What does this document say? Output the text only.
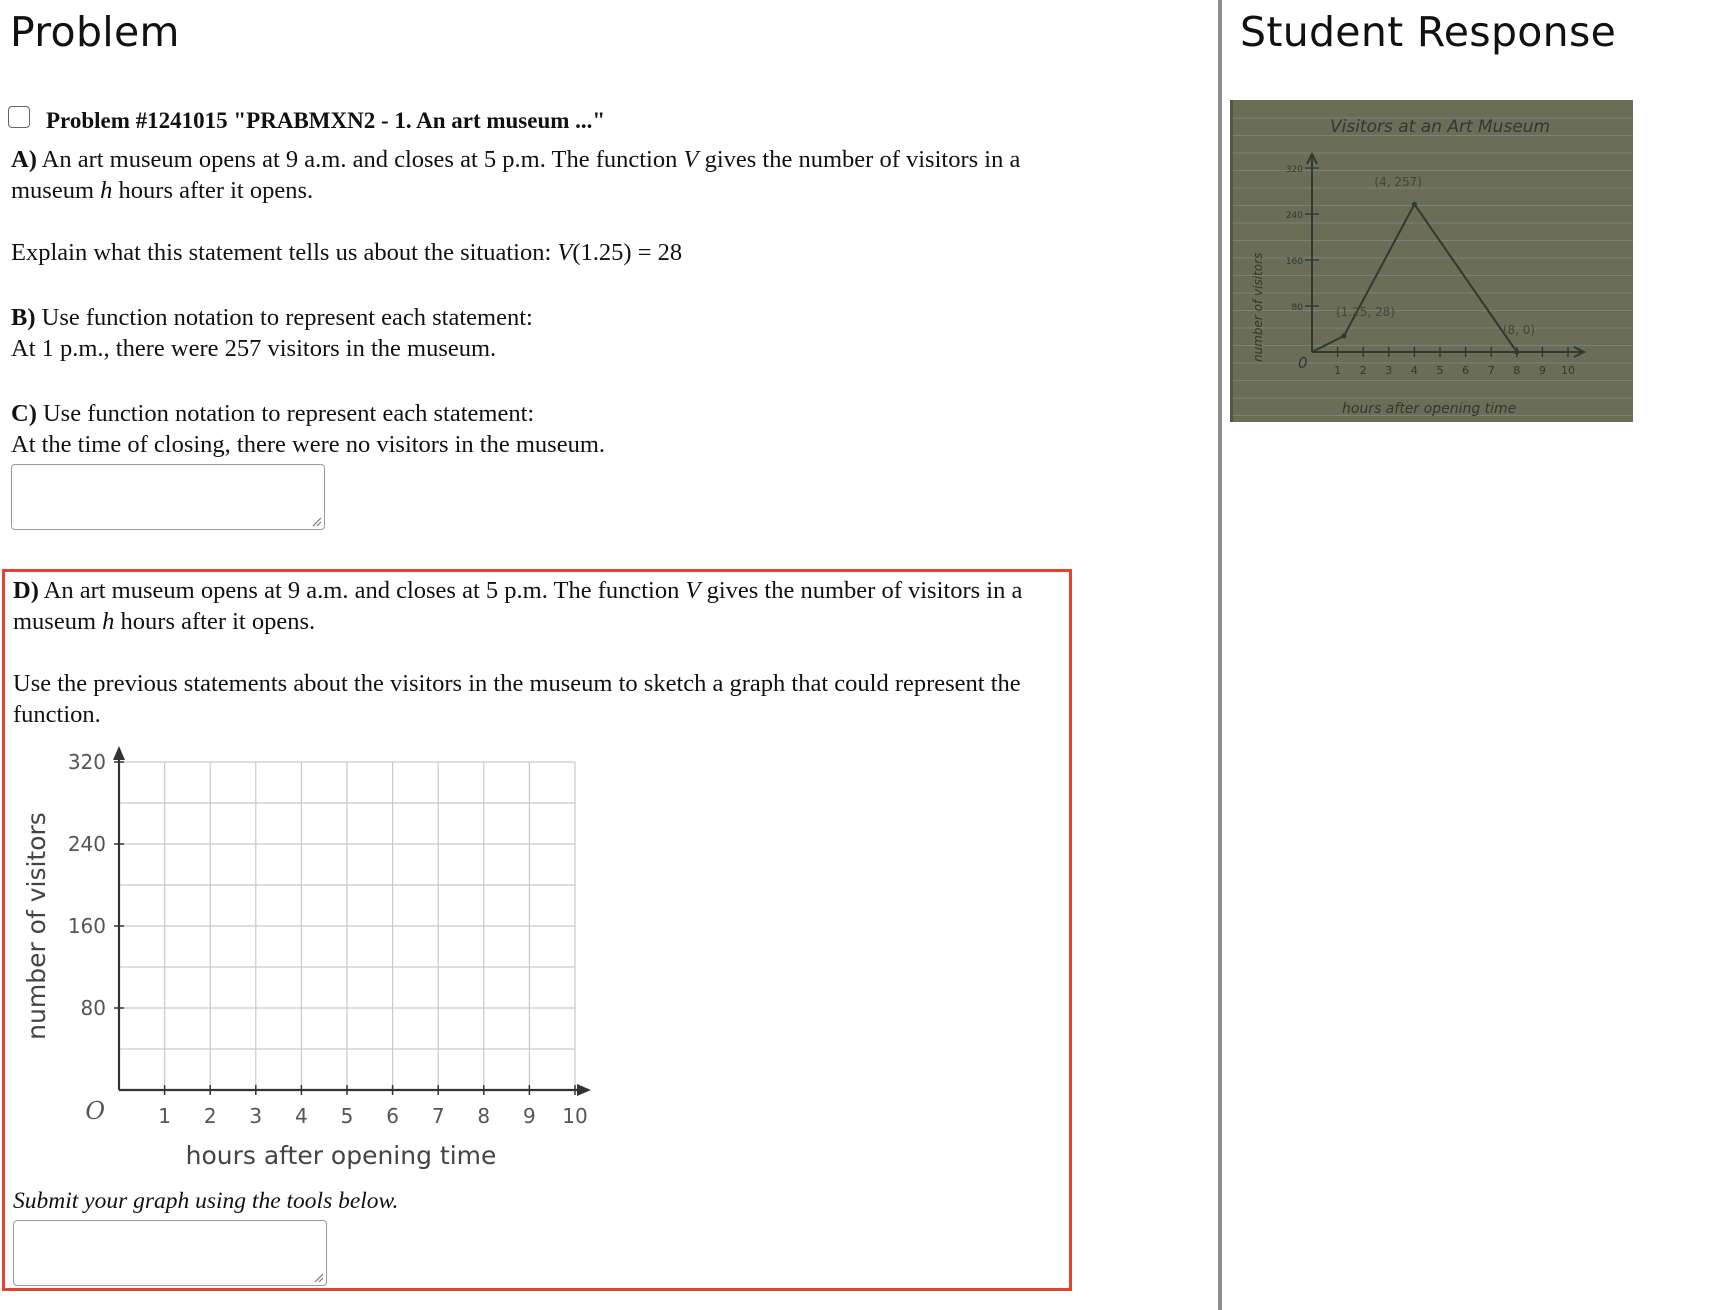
Problem
Problem #1241015 "PRABMXN2 - 1. An art museum ..."

A) An art museum opens at 9 a.m. and closes at 5 p.m. The function V gives the number of visitors in a museum h hours after it opens.

Explain what this statement tells us about the situation: V(1.25) = 28

B) Use function notation to represent each statement:
At 1 p.m., there were 257 visitors in the museum.

C) Use function notation to represent each statement:
At the time of closing, there were no visitors in the museum.

D) An art museum opens at 9 a.m. and closes at 5 p.m. The function V gives the number of visitors in a museum h hours after it opens.

Use the previous statements about the visitors in the museum to sketch a graph that could represent the function.

1 2 3 4 5 6 7 8 9 10
80
160
240
320
O
hours after opening time
number of visitors

Submit your graph using the tools below.

Student Response
Visitors at an Art Museum
1 2 3 4 5 6 7 8 9 10
320
240
160
80
0
(1.25, 28)
(4, 257)
(8, 0)
hours after opening time
number of visitors
